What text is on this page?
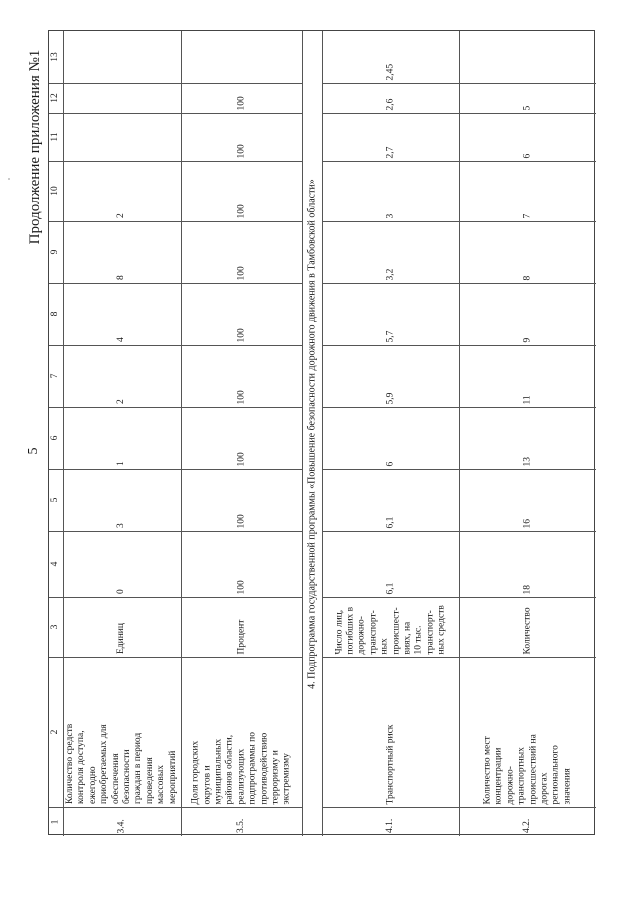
Продолжение приложения №1
5
1
2
3
4
5
6
7
8
9
10
11
12
13
3.4.
Количество средств
контроля доступа,
ежегодно
приобретаемых для
обеспечения
безопасности
граждан в период
проведения
массовых
мероприятий
Единиц
0
3
1
2
4
8
2
3.5.
Доля городских
округов и
муниципальных
районов области,
реализующих
подпрограммы по
противодействию
терроризму и
экстремизму
Процент
100
100
100
100
100
100
100
100
100
4.1.
Транспортный риск
Число лиц,
погибших в
дорожно-
транспорт-
ных
происшест-
виях, на
10 тыс.
транспорт-
ных средств
6,1
6,1
6
5,9
5,7
3,2
3
2,7
2,6
2,45
4.2.
Количество мест
концентрации
дорожно-
транспортных
происшествий на
дорогах
регионального
значения
Количество
18
16
13
11
9
8
7
6
5
4. Подпрограмма государственной программы «Повышение безопасности дорожного движения в Тамбовской области»
